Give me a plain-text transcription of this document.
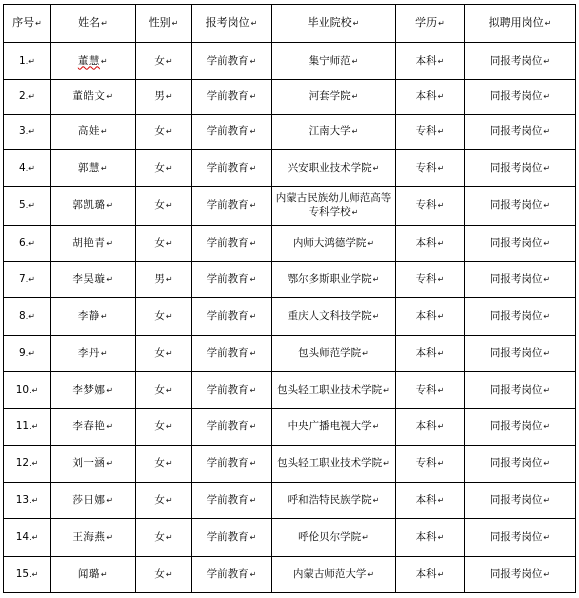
序号↵	姓名↵	性别↵	报考岗位↵	毕业院校↵	学历↵	拟聘用岗位↵
1.↵	董慧↵	女↵	学前教育↵	集宁师范↵	本科↵	同报考岗位↵
2.↵	董皓文↵	男↵	学前教育↵	河套学院↵	本科↵	同报考岗位↵
3.↵	高娃↵	女↵	学前教育↵	江南大学↵	专科↵	同报考岗位↵
4.↵	郭慧↵	女↵	学前教育↵	兴安职业技术学院↵	专科↵	同报考岗位↵
5.↵	郭凯璐↵	女↵	学前教育↵	内蒙古民族幼儿师范高等专科学校↵	专科↵	同报考岗位↵
6.↵	胡艳青↵	女↵	学前教育↵	内师大鸿德学院↵	本科↵	同报考岗位↵
7.↵	李昊璇↵	男↵	学前教育↵	鄂尔多斯职业学院↵	专科↵	同报考岗位↵
8.↵	李静↵	女↵	学前教育↵	重庆人文科技学院↵	本科↵	同报考岗位↵
9.↵	李丹↵	女↵	学前教育↵	包头师范学院↵	本科↵	同报考岗位↵
10.↵	李梦娜↵	女↵	学前教育↵	包头轻工职业技术学院↵	专科↵	同报考岗位↵
11.↵	李春艳↵	女↵	学前教育↵	中央广播电视大学↵	本科↵	同报考岗位↵
12.↵	刘一涵↵	女↵	学前教育↵	包头轻工职业技术学院↵	专科↵	同报考岗位↵
13.↵	莎日娜↵	女↵	学前教育↵	呼和浩特民族学院↵	本科↵	同报考岗位↵
14.↵	王海燕↵	女↵	学前教育↵	呼伦贝尔学院↵	本科↵	同报考岗位↵
15.↵	闻璐↵	女↵	学前教育↵	内蒙古师范大学↵	本科↵	同报考岗位↵
